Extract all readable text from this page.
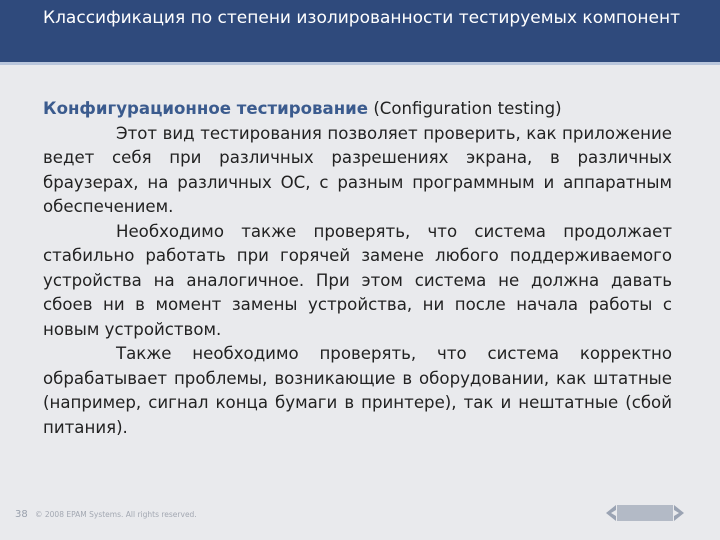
Классификация по степени изолированности тестируемых компонент

Конфигурационное тестирование (Configuration testing)

Этот вид тестирования позволяет проверить, как приложение ведет себя при различных разрешениях экрана, в различных браузерах, на различных ОС, с разным программным и аппаратным обеспечением.

Необходимо также проверять, что система продолжает стабильно работать при горячей замене любого поддерживаемого устройства на аналогичное. При этом система не должна давать сбоев ни в момент замены устройства, ни после начала работы с новым устройством.

Также необходимо проверять, что система корректно обрабатывает проблемы, возникающие в оборудовании, как штатные (например, сигнал конца бумаги в принтере), так и нештатные (сбой питания).

38 © 2008 EPAM Systems. All rights reserved.
